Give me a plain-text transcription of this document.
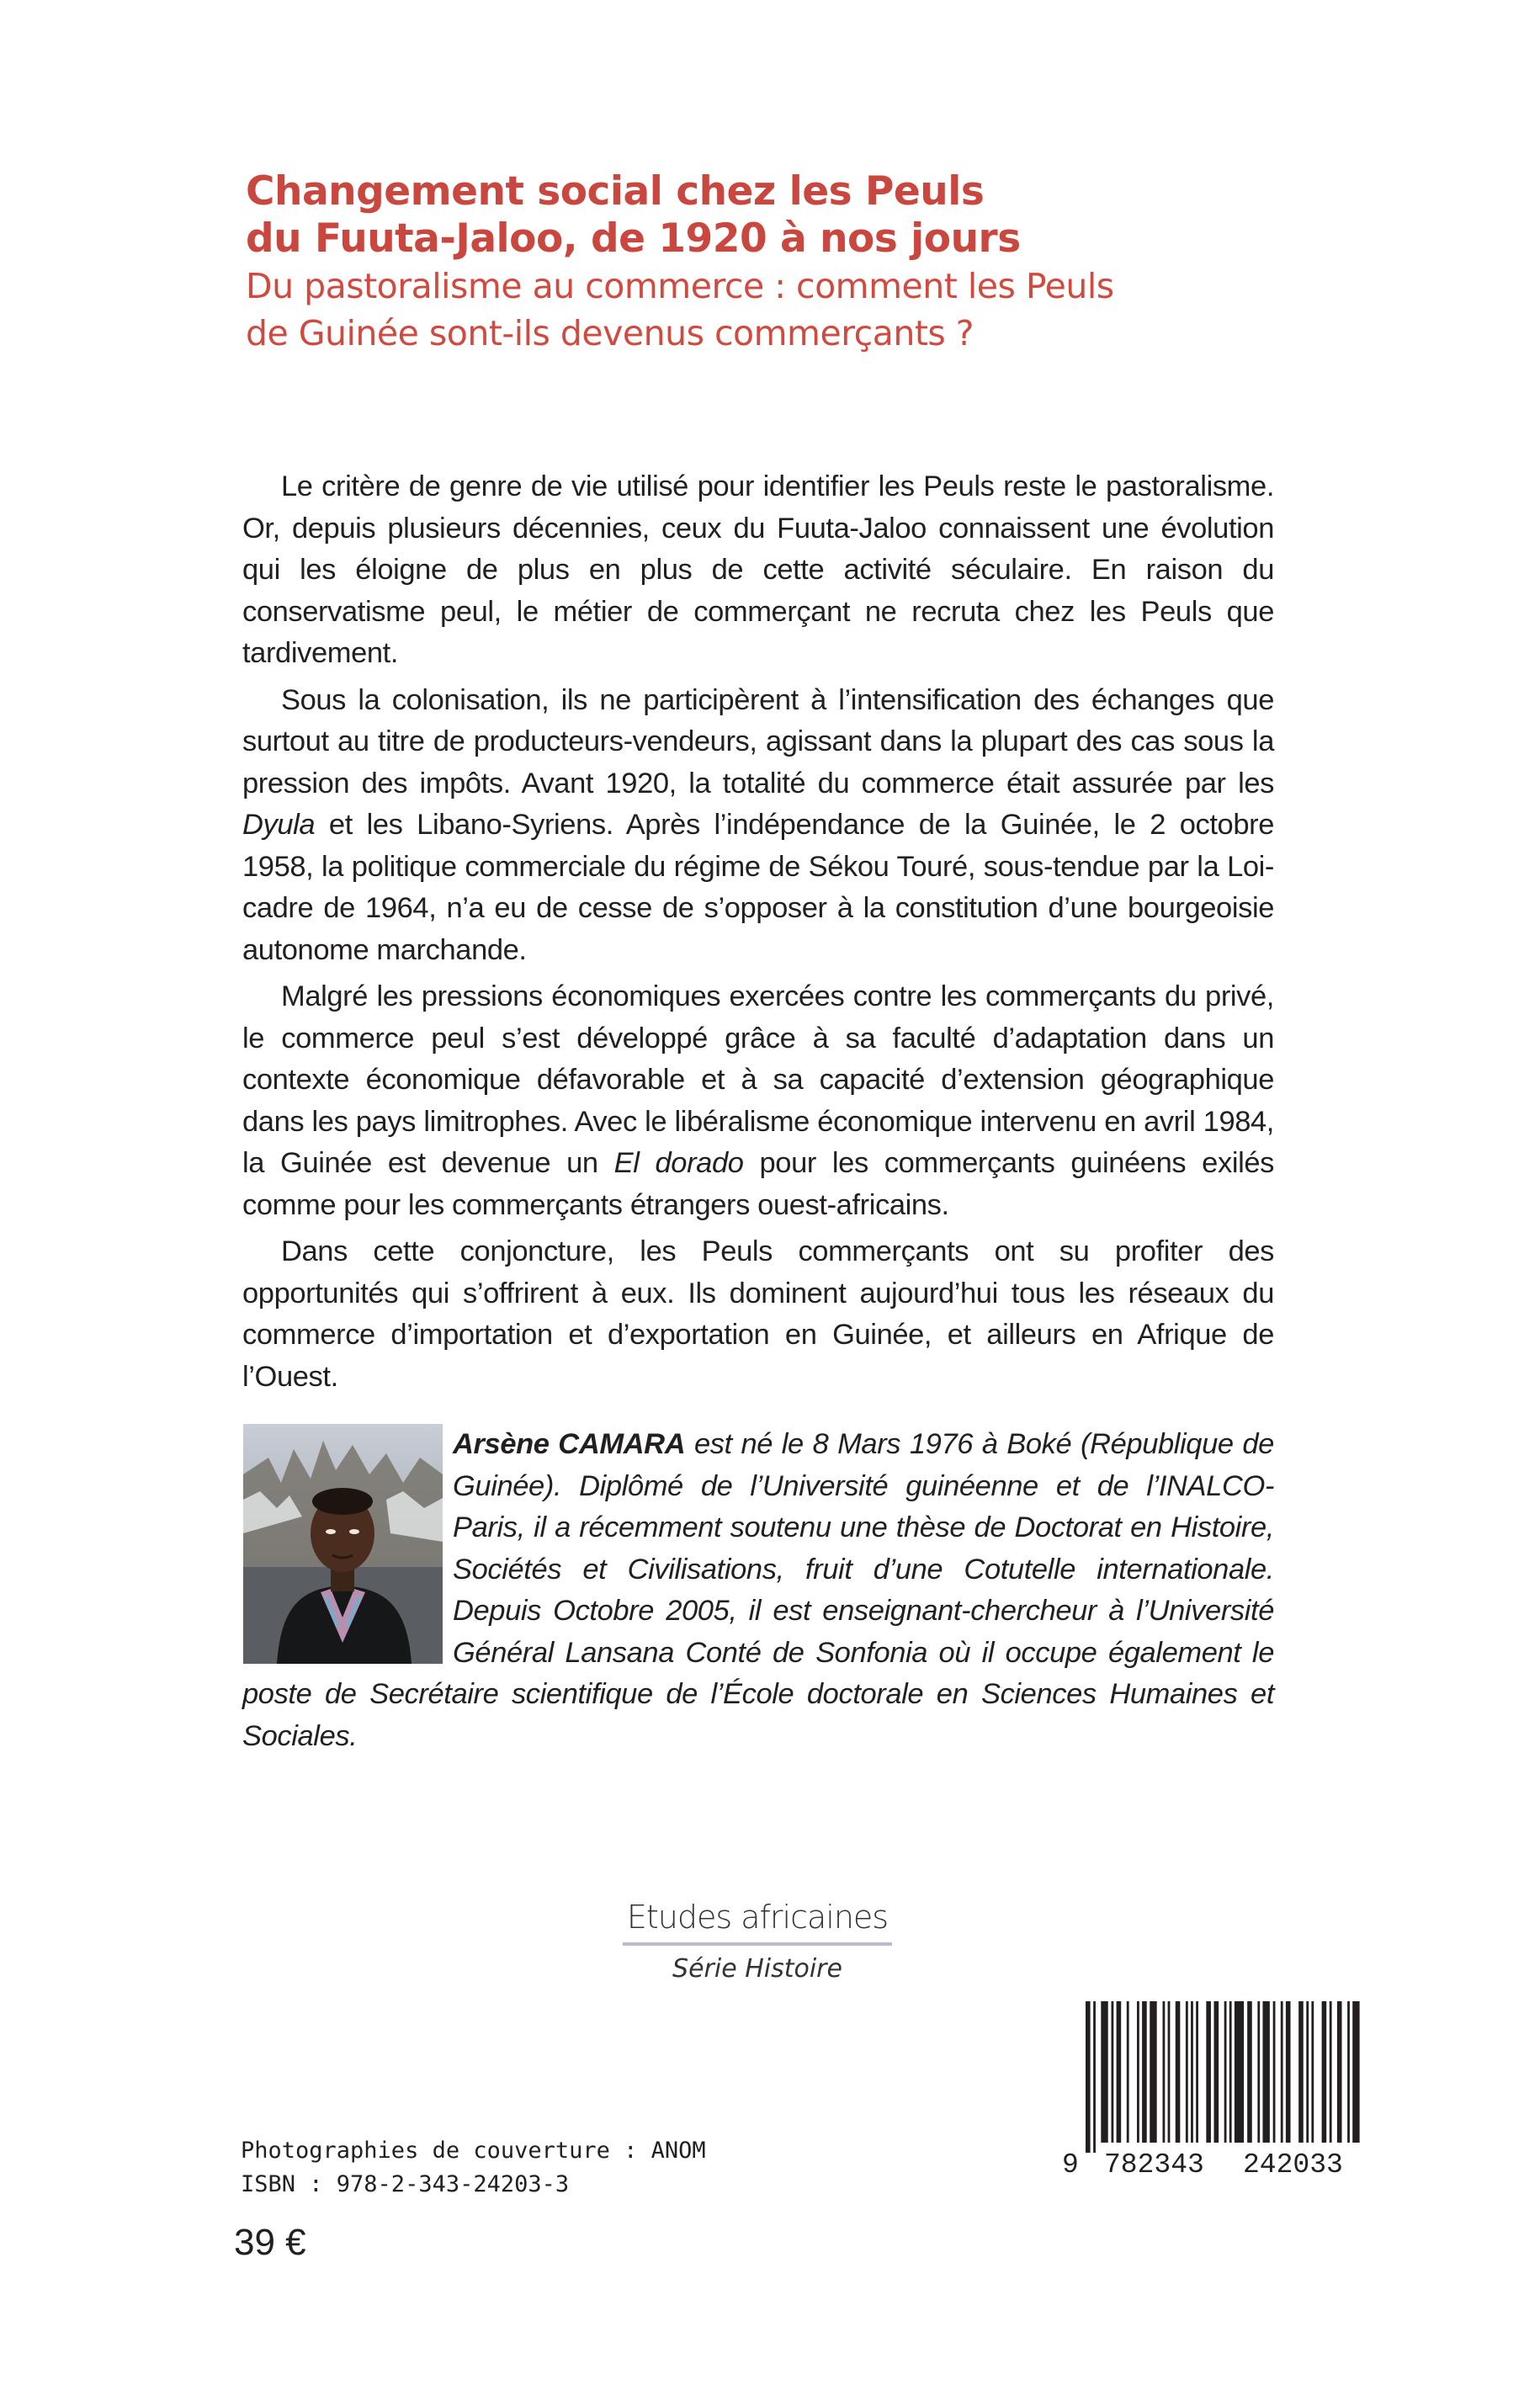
Changement social chez les Peuls
du Fuuta-Jaloo, de 1920 à nos jours
Du pastoralisme au commerce : comment les Peuls
de Guinée sont-ils devenus commerçants ?

Le critère de genre de vie utilisé pour identifier les Peuls reste le pastoralisme. Or, depuis plusieurs décennies, ceux du Fuuta-Jaloo connaissent une évolution qui les éloigne de plus en plus de cette activité séculaire. En raison du conservatisme peul, le métier de commerçant ne recruta chez les Peuls que tardivement.

Sous la colonisation, ils ne participèrent à l’intensification des échanges que surtout au titre de producteurs-vendeurs, agissant dans la plupart des cas sous la pression des impôts. Avant 1920, la totalité du commerce était assurée par les Dyula et les Libano-Syriens. Après l’indépendance de la Guinée, le 2 octobre 1958, la politique commerciale du régime de Sékou Touré, sous-tendue par la Loi-cadre de 1964, n’a eu de cesse de s’opposer à la constitution d’une bourgeoisie autonome marchande.

Malgré les pressions économiques exercées contre les commerçants du privé, le commerce peul s’est développé grâce à sa faculté d’adaptation dans un contexte économique défavorable et à sa capacité d’extension géographique dans les pays limitrophes. Avec le libéralisme économique intervenu en avril 1984, la Guinée est devenue un El dorado pour les commerçants guinéens exilés comme pour les commerçants étrangers ouest-africains.

Dans cette conjoncture, les Peuls commerçants ont su profiter des opportunités qui s’offrirent à eux. Ils dominent aujourd’hui tous les réseaux du commerce d’importation et d’exportation en Guinée, et ailleurs en Afrique de l’Ouest.

Arsène CAMARA est né le 8 Mars 1976 à Boké (République de Guinée). Diplômé de l’Université guinéenne et de l’INALCO-Paris, il a récemment soutenu une thèse de Doctorat en Histoire, Sociétés et Civilisations, fruit d’une Cotutelle internationale. Depuis Octobre 2005, il est enseignant-chercheur à l’Université Général Lansana Conté de Sonfonia où il occupe également le poste de Secrétaire scientifique de l’École doctorale en Sciences Humaines et Sociales.
Etudes africaines
Série Histoire
9 782343 242033
Photographies de couverture : ANOM
ISBN : 978-2-343-24203-3
39 €
